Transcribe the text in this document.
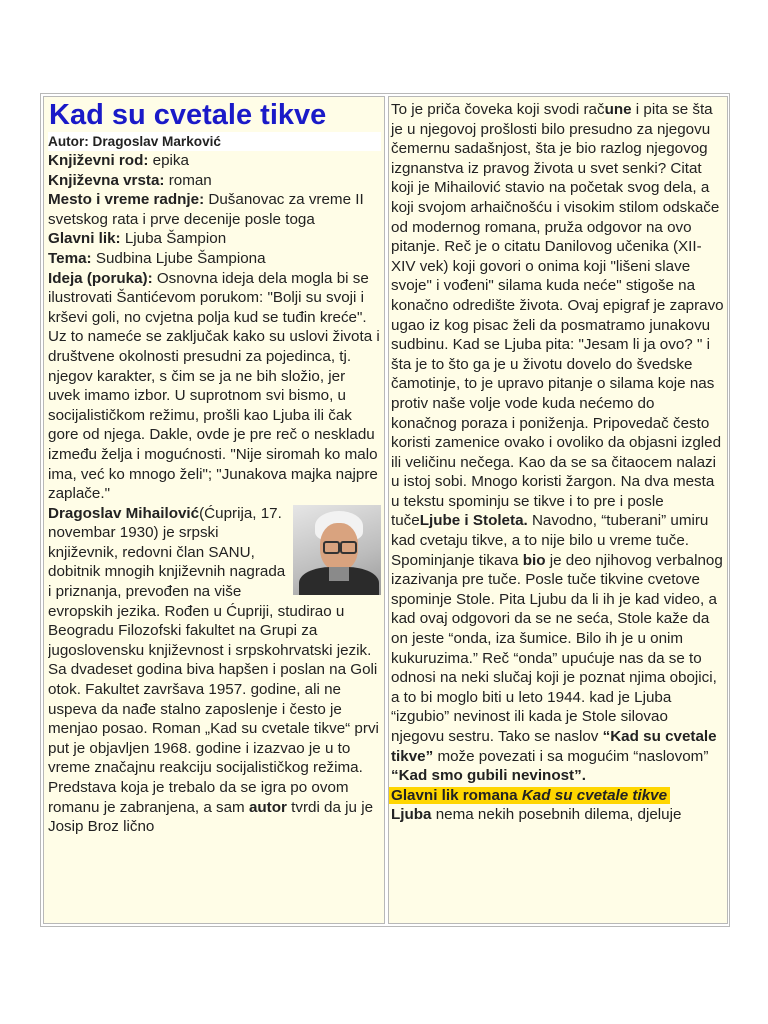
Kad su cvetale tikve
Autor: Dragoslav Marković
Književni rod: epika
Književna vrsta: roman
Mesto i vreme radnje: Dušanovac za vreme II svetskog rata i prve decenije posle toga
Glavni lik: Ljuba Šampion
Tema: Sudbina Ljube Šampiona
Ideja (poruka): Osnovna ideja dela mogla bi se ilustrovati Šantićevom porukom: "Bolji su svoji i krševi goli, no cvjetna polja kud se tuđin kreće". Uz to nameće se zaključak kako su uslovi života i društvene okolnosti presudni za pojedinca, tj. njegov karakter, s čim se ja ne bih složio, jer uvek imamo izbor. U suprotnom svi bismo, u socijalističkom režimu, prošli kao Ljuba ili čak gore od njega. Dakle, ovde je pre reč o neskladu između želja i mogućnosti. "Nije siromah ko malo ima, već ko mnogo želi"; "Junakova majka najpre zaplače."
Dragoslav Mihailović(Ćuprija, 17. novembar 1930) je srpski književnik, redovni član SANU, dobitnik mnogih književnih nagrada i priznanja, prevođen na više evropskih jezika. Rođen u Ćupriji, studirao u Beogradu Filozofski fakultet na Grupi za jugoslovensku književnost i srpskohrvatski jezik. Sa dvadeset godina biva hapšen i poslan na Goli otok. Fakultet završava 1957. godine, ali ne uspeva da nađe stalno zaposlenje i često je menjao posao. Roman „Kad su cvetale tikve“ prvi put je objavljen 1968. godine i izazvao je u to vreme značajnu reakciju socijalističkog režima. Predstava koja je trebalo da se igra po ovom romanu je zabranjena, a sam autor tvrdi da ju je Josip Broz lično
To je priča čoveka koji svodi račune i pita se šta je u njegovoj prošlosti bilo presudno za njegovu čemernu sadašnjost, šta je bio razlog njegovog izgnanstva iz pravog života u svet senki? Citat koji je Mihailović stavio na početak svog dela, a koji svojom arhaičnošću i visokim stilom odskače od modernog romana, pruža odgovor na ovo pitanje. Reč je o citatu Danilovog učenika (XII-XIV vek) koji govori o onima koji "lišeni slave svoje" i vođeni" silama kuda neće" stigoše na konačno odredište života. Ovaj epigraf je zapravo ugao iz kog pisac želi da posmatramo junakovu sudbinu. Kad se Ljuba pita: "Jesam li ja ovo? " i šta je to što ga je u životu dovelo do švedske čamotinje, to je upravo pitanje o silama koje nas protiv naše volje vode kuda nećemo do konačnog poraza i poniženja. Pripovedač često koristi zamenice ovako i ovoliko da objasni izgled ili veličinu nečega. Kao da se sa čitaocem nalazi u istoj sobi. Mnogo koristi žargon. Na dva mesta u tekstu spominju se tikve i to pre i posle tučeLjube i Stoleta. Navodno, “tuberani” umiru kad cvetaju tikve, a to nije bilo u vreme tuče. Spominjanje tikava bio je deo njihovog verbalnog izazivanja pre tuče. Posle tuče tikvine cvetove spominje Stole. Pita Ljubu da li ih je kad video, a kad ovaj odgovori da se ne seća, Stole kaže da on jeste “onda, iza šumice. Bilo ih je u onim kukuruzima.” Reč “onda” upućuje nas da se to odnosi na neki slučaj koji je poznat njima obojici, a to bi moglo biti u leto 1944. kad je Ljuba “izgubio” nevinost ili kada je Stole silovao njegovu sestru. Tako se naslov “Kad su cvetale tikve” može povezati i sa mogućim “naslovom” “Kad smo gubili nevinost”.
Glavni lik romana Kad su cvetale tikve
Ljuba nema nekih posebnih dilema, djeluje
